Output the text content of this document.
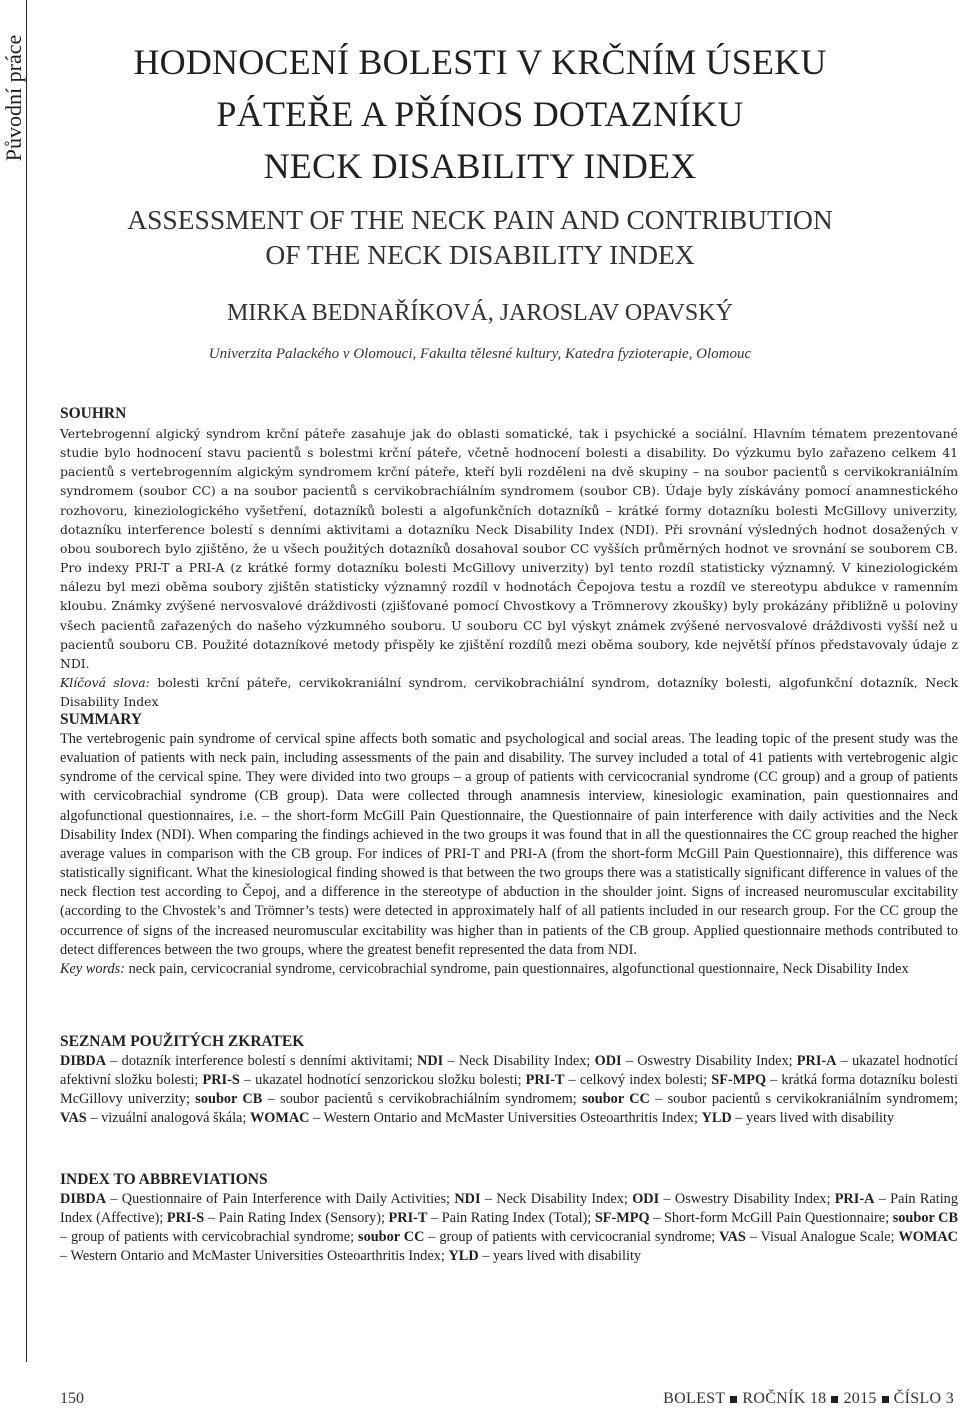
Původní práce	HODNOCENÍ BOLESTI V KRČNÍM ÚSEKU
PÁTEŘE A PŘÍNOS DOTAZNÍKU
NECK DISABILITY INDEX
ASSESSMENT OF THE NECK PAIN AND CONTRIBUTION
OF THE NECK DISABILITY INDEX
MIRKA BEDNAŘÍKOVÁ, JAROSLAV OPAVSKÝ
Univerzita Palackého v Olomouci, Fakulta tělesné kultury, Katedra fyzioterapie, Olomouc
SOUHRN

Vertebrogenní algický syndrom krční páteře zasahuje jak do oblasti somatické, tak i psychické a sociální. Hlavním tématem prezentované studie bylo hodnocení stavu pacientů s bolestmi krční páteře, včetně hodnocení bolesti a disability. Do výzkumu bylo zařazeno celkem 41 pacientů s vertebrogenním algickým syndromem krční páteře, kteří byli rozděleni na dvě skupiny – na soubor pacientů s cervikokraniálním syndromem (soubor CC) a na soubor pacientů s cervikobrachiálním syndromem (soubor CB). Údaje byly získávány pomocí anamnestického rozhovoru, kineziologického vyšetření, dotazníků bolesti a algofunkčních dotazníků – krátké formy dotazníku bolesti McGillovy univerzity, dotazníku interference bolestí s denními aktivitami a dotazníku Neck Disability Index (NDI). Při srovnání výsledných hodnot dosažených v obou souborech bylo zjištěno, že u všech použitých dotazníků dosahoval soubor CC vyšších průměrných hodnot ve srovnání se souborem CB. Pro indexy PRI-T a PRI-A (z krátké formy dotazníku bolesti McGillovy univerzity) byl tento rozdíl statisticky významný. V kineziologickém nálezu byl mezi oběma soubory zjištěn statisticky významný rozdíl v hodnotách Čepojova testu a rozdíl ve stereotypu abdukce v ramenním kloubu. Známky zvýšené nervosvalové dráždivosti (zjišťované pomocí Chvostkovy a Trömnerovy zkoušky) byly prokázány přibližně u poloviny všech pacientů zařazených do našeho výzkumného souboru. U souboru CC byl výskyt známek zvýšené nervosvalové dráždivosti vyšší než u pacientů souboru CB. Použité dotazníkové metody přispěly ke zjištění rozdílů mezi oběma soubory, kde největší přínos představovaly údaje z NDI.

Klíčová slova: bolesti krční páteře, cervikokraniální syndrom, cervikobrachiální syndrom, dotazníky bolesti, algofunkční dotazník, Neck Disability Index

SUMMARY

The vertebrogenic pain syndrome of cervical spine affects both somatic and psychological and social areas. The leading topic of the present study was the evaluation of patients with neck pain, including assessments of the pain and disability. The survey included a total of 41 patients with vertebrogenic algic syndrome of the cervical spine. They were divided into two groups – a group of patients with cervicocranial syndrome (CC group) and a group of patients with cervicobrachial syndrome (CB group). Data were collected through anamnesis interview, kinesiologic examination, pain questionnaires and algofunctional questionnaires, i.e. – the short-form McGill Pain Questionnaire, the Questionnaire of pain interference with daily activities and the Neck Disability Index (NDI). When comparing the findings achieved in the two groups it was found that in all the questionnaires the CC group reached the higher average values in comparison with the CB group. For indices of PRI-T and PRI-A (from the short-form McGill Pain Questionnaire), this difference was statistically significant. What the kinesiological finding showed is that between the two groups there was a statistically significant difference in values of the neck flection test according to Čepoj, and a difference in the stereotype of abduction in the shoulder joint. Signs of increased neuromuscular excitability (according to the Chvostek’s and Trömner’s tests) were detected in approximately half of all patients included in our research group. For the CC group the occurrence of signs of the increased neuromuscular excitability was higher than in patients of the CB group. Applied questionnaire methods contributed to detect differences between the two groups, where the greatest benefit represented the data from NDI.

Key words: neck pain, cervicocranial syndrome, cervicobrachial syndrome, pain questionnaires, algofunctional questionnaire, Neck Disability Index

SEZNAM POUŽITÝCH ZKRATEK

DIBDA – dotazník interference bolestí s denními aktivitami; NDI – Neck Disability Index; ODI – Oswestry Disability Index; PRI-A – ukazatel hodnotící afektivní složku bolesti; PRI-S – ukazatel hodnotící senzorickou složku bolesti; PRI-T – celkový index bolesti; SF-MPQ – krátká forma dotazníku bolesti McGillovy univerzity; soubor CB – soubor pacientů s cervikobrachiálním syndromem; soubor CC – soubor pacientů s cervikokraniálním syndromem; VAS – vizuální analogová škála; WOMAC – Western Ontario and McMaster Universities Osteoarthritis Index; YLD – years lived with disability

INDEX TO ABBREVIATIONS

DIBDA – Questionnaire of Pain Interference with Daily Activities; NDI – Neck Disability Index; ODI – Oswestry Disability Index; PRI-A – Pain Rating Index (Affective); PRI-S – Pain Rating Index (Sensory); PRI-T – Pain Rating Index (Total); SF-MPQ – Short-form McGill Pain Questionnaire; soubor CB – group of patients with cervicobrachial syndrome; soubor CC – group of patients with cervicocranial syndrome; VAS – Visual Analogue Scale; WOMAC – Western Ontario and McMaster Universities Osteoarthritis Index; YLD – years lived with disability

150	BOLEST ROČNÍK 18 2015 ČÍSLO 3
